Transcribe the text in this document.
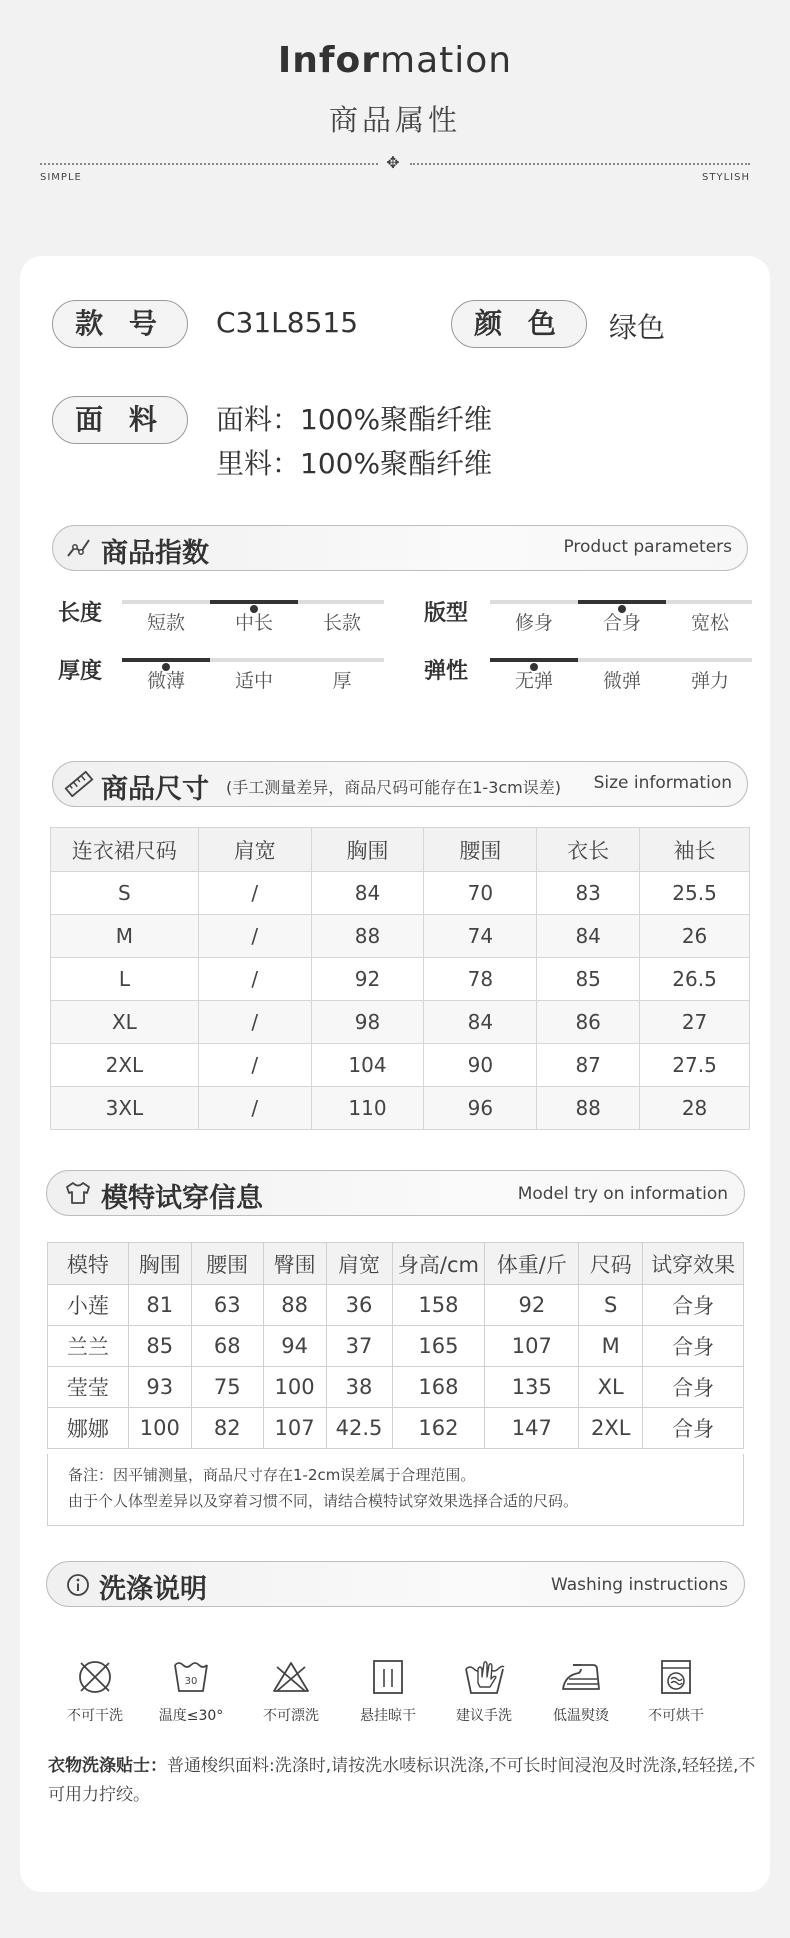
Information
商品属性
✥
SIMPLE	STYLISH
款 号	C31L8515	颜 色	绿色
面 料	面料：100%聚酯纤维
里料：100%聚酯纤维
商品指数	Product parameters
长度	短款	中长	长款	版型	修身	合身	宽松
厚度	微薄	适中	厚	弹性	无弹	微弹	弹力
商品尺寸 (手工测量差异，商品尺码可能存在1-3cm误差) Size information
连衣裙尺码	肩宽	胸围	腰围	衣长	袖长
S	/	84	70	83	25.5
M	/	88	74	84	26
L	/	92	78	85	26.5
XL	/	98	84	86	27
2XL	/	104	90	87	27.5
3XL	/	110	96	88	28
模特试穿信息	Model try on information
模特	胸围	腰围	臀围	肩宽	身高/cm	体重/斤	尺码	试穿效果
小莲	81	63	88	36	158	92	S	合身
兰兰	85	68	94	37	165	107	M	合身
莹莹	93	75	100	38	168	135	XL	合身
娜娜	100	82	107	42.5	162	147	2XL	合身
备注：因平铺测量，商品尺寸存在1-2cm误差属于合理范围。
由于个人体型差异以及穿着习惯不同，请结合模特试穿效果选择合适的尺码。
洗涤说明	Washing instructions
不可干洗
30
温度≤30°	不可漂洗	悬挂晾干	建议手洗	低温熨烫	不可烘干
衣物洗涤贴士：普通梭织面料:洗涤时,请按洗水唛标识洗涤,不可长时间浸泡及时洗涤,轻轻搓,不可用力拧绞。
